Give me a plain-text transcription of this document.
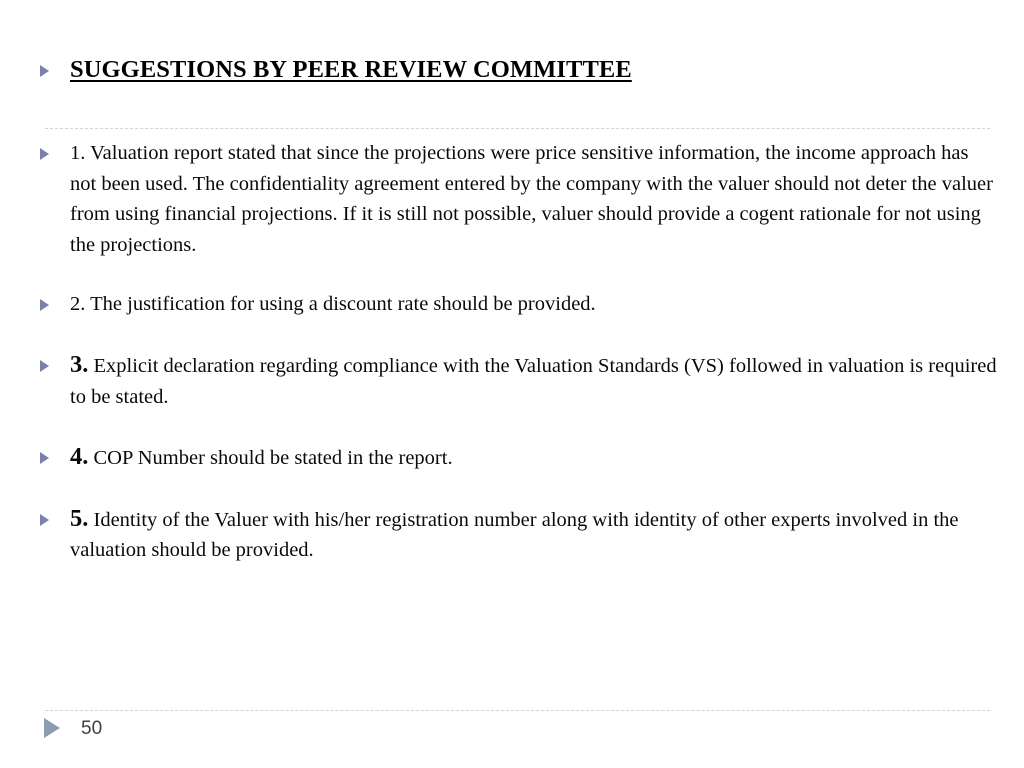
SUGGESTIONS BY PEER REVIEW COMMITTEE
1. Valuation report stated that since the projections were price sensitive information, the income approach has not been used. The confidentiality agreement entered by the company with the valuer should not deter the valuer from using financial projections. If it is still not possible, valuer should provide a cogent rationale for not using the projections.
2. The justification for using a discount rate should be provided.
3. Explicit declaration regarding compliance with the Valuation Standards (VS) followed in valuation is required to be stated.
4. COP Number should be stated in the report.
5. Identity of the Valuer with his/her registration number along with identity of other experts involved in the valuation should be provided.
50
